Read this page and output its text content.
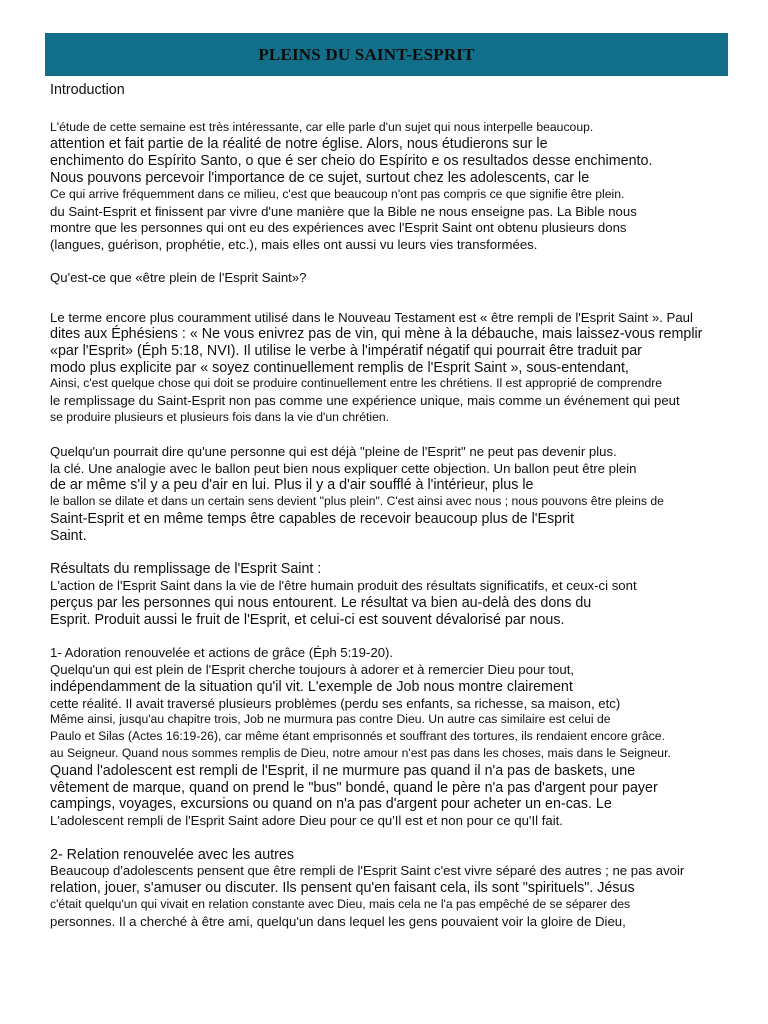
PLEINS DU SAINT-ESPRIT
Introduction
L'étude de cette semaine est très intéressante, car elle parle d'un sujet qui nous interpelle beaucoup.
attention et fait partie de la réalité de notre église. Alors, nous étudierons sur le
enchimento do Espírito Santo, o que é ser cheio do Espírito e os resultados desse enchimento.
Nous pouvons percevoir l'importance de ce sujet, surtout chez les adolescents, car le
Ce qui arrive fréquemment dans ce milieu, c'est que beaucoup n'ont pas compris ce que signifie être plein.
du Saint-Esprit et finissent par vivre d'une manière que la Bible ne nous enseigne pas. La Bible nous
montre que les personnes qui ont eu des expériences avec l'Esprit Saint ont obtenu plusieurs dons
(langues, guérison, prophétie, etc.), mais elles ont aussi vu leurs vies transformées.
Qu'est-ce que «être plein de l'Esprit Saint»?
Le terme encore plus couramment utilisé dans le Nouveau Testament est « être rempli de l'Esprit Saint ». Paul
dites aux Éphésiens : « Ne vous enivrez pas de vin, qui mène à la débauche, mais laissez-vous remplir
«par l'Esprit» (Éph 5:18, NVI). Il utilise le verbe à l'impératif négatif qui pourrait être traduit par
modo plus explicite par « soyez continuellement remplis de l'Esprit Saint », sous-entendant,
Ainsi, c'est quelque chose qui doit se produire continuellement entre les chrétiens. Il est approprié de comprendre
le remplissage du Saint-Esprit non pas comme une expérience unique, mais comme un événement qui peut
se produire plusieurs et plusieurs fois dans la vie d'un chrétien.
Quelqu'un pourrait dire qu'une personne qui est déjà "pleine de l'Esprit" ne peut pas devenir plus.
la clé. Une analogie avec le ballon peut bien nous expliquer cette objection. Un ballon peut être plein
de ar même s'il y a peu d'air en lui. Plus il y a d'air soufflé à l'intérieur, plus le
le ballon se dilate et dans un certain sens devient "plus plein". C'est ainsi avec nous ; nous pouvons être pleins de
Saint-Esprit et en même temps être capables de recevoir beaucoup plus de l'Esprit
Saint.
Résultats du remplissage de l'Esprit Saint :
L'action de l'Esprit Saint dans la vie de l'être humain produit des résultats significatifs, et ceux-ci sont
perçus par les personnes qui nous entourent. Le résultat va bien au-delà des dons du
Esprit. Produit aussi le fruit de l'Esprit, et celui-ci est souvent dévalorisé par nous.
1- Adoration renouvelée et actions de grâce (Éph 5:19-20).
Quelqu'un qui est plein de l'Esprit cherche toujours à adorer et à remercier Dieu pour tout,
indépendamment de la situation qu'il vit. L'exemple de Job nous montre clairement
cette réalité. Il avait traversé plusieurs problèmes (perdu ses enfants, sa richesse, sa maison, etc)
Même ainsi, jusqu'au chapitre trois, Job ne murmura pas contre Dieu. Un autre cas similaire est celui de
Paulo et Silas (Actes 16:19-26), car même étant emprisonnés et souffrant des tortures, ils rendaient encore grâce.
au Seigneur. Quand nous sommes remplis de Dieu, notre amour n'est pas dans les choses, mais dans le Seigneur.
Quand l'adolescent est rempli de l'Esprit, il ne murmure pas quand il n'a pas de baskets, une
vêtement de marque, quand on prend le "bus" bondé, quand le père n'a pas d'argent pour payer
campings, voyages, excursions ou quand on n'a pas d'argent pour acheter un en-cas. Le
L'adolescent rempli de l'Esprit Saint adore Dieu pour ce qu'Il est et non pour ce qu'Il fait.
2- Relation renouvelée avec les autres
Beaucoup d'adolescents pensent que être rempli de l'Esprit Saint c'est vivre séparé des autres ; ne pas avoir
relation, jouer, s'amuser ou discuter. Ils pensent qu'en faisant cela, ils sont "spirituels". Jésus
c'était quelqu'un qui vivait en relation constante avec Dieu, mais cela ne l'a pas empêché de se séparer des
personnes. Il a cherché à être ami, quelqu'un dans lequel les gens pouvaient voir la gloire de Dieu,
